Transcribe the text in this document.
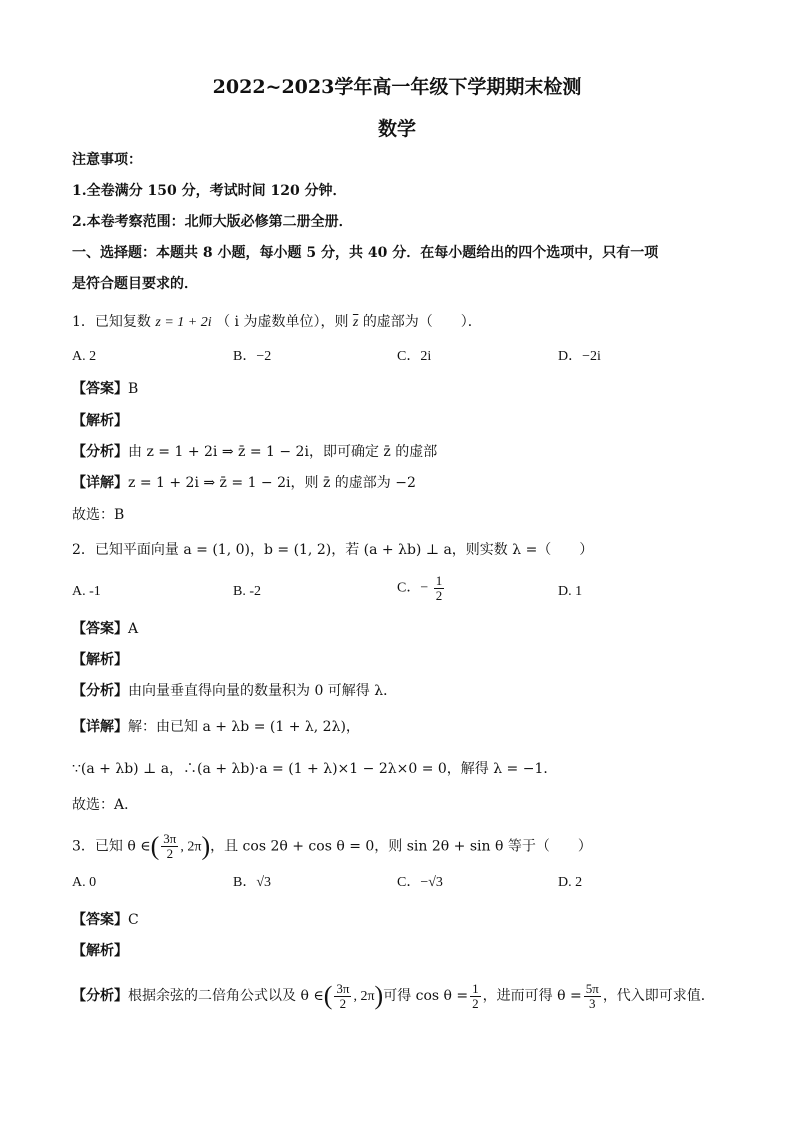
2022~2023学年高一年级下学期期末检测
数学
注意事项：
1.全卷满分 150 分，考试时间 120 分钟．
2.本卷考察范围：北师大版必修第二册全册．
一、选择题：本题共 8 小题，每小题 5 分，共 40 分．在每小题给出的四个选项中，只有一项
是符合题目要求的．
1．已知复数 z = 1 + 2i （ i 为虚数单位），则 $\overline{z}$ 的虚部为（　　）．
A. 2	B．−2	C．2i	D．−2i
【答案】B
【解析】
【分析】由 z = 1 + 2i ⇒ z̄ = 1 − 2i，即可确定 z̄ 的虚部
【详解】z = 1 + 2i ⇒ z̄ = 1 − 2i，则 z̄ 的虚部为 −2
故选：B
2．已知平面向量 a = (1, 0)，b = (1, 2)，若 (a + λb) ⊥ a，则实数 λ =（　　）
A. -1	B. -2	C．− $\frac{1}{2}$	D. 1
【答案】A
【解析】
【分析】由向量垂直得向量的数量积为 0 可解得 λ．
【详解】解：由已知 a + λb = (1 + λ, 2λ)，
∵(a + λb) ⊥ a，∴(a + λb)·a = (1 + λ)×1 − 2λ×0 = 0，解得 λ = −1．
故选：A．
3．已知 θ ∈( $\frac{3\pi}{2}$ , 2π)，且 cos 2θ + cos θ = 0，则 sin 2θ + sin θ 等于（　　）
A. 0	B．√3	C．−√3	D. 2
【答案】C
【解析】
【分析】根据余弦的二倍角公式以及 θ ∈( $\frac{3\pi}{2}$ , 2π)可得 $\cos \theta = \frac{1}{2}$ ，进而可得 $\theta = \frac{5\pi}{3}$ ，代入即可求值．
